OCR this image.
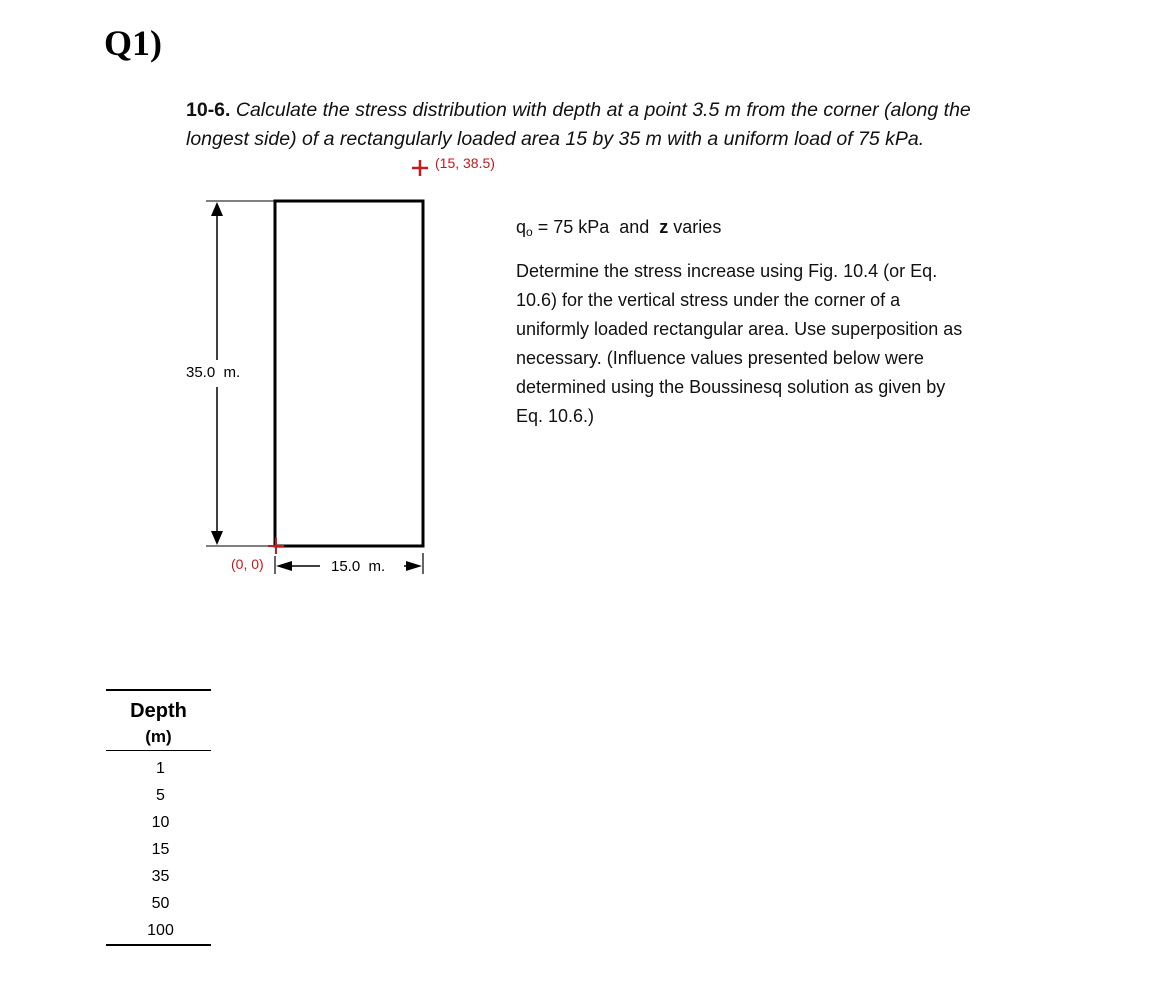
Q1)
10-6. Calculate the stress distribution with depth at a point 3.5 m from the corner (along the
longest side) of a rectangularly loaded area 15 by 35 m with a uniform load of 75 kPa.
(15, 38.5)
(0, 0)
35.0  m.
15.0  m.
$q_o = 75$ kPa  and  z varies
Determine the stress increase using Fig. 10.4 (or Eq.
10.6) for the vertical stress under the corner of a
uniformly loaded rectangular area. Use superposition as
necessary. (Influence values presented below were
determined using the Boussinesq solution as given by
Eq. 10.6.)
Depth
(m)
1
5
10
15
35
50
100
